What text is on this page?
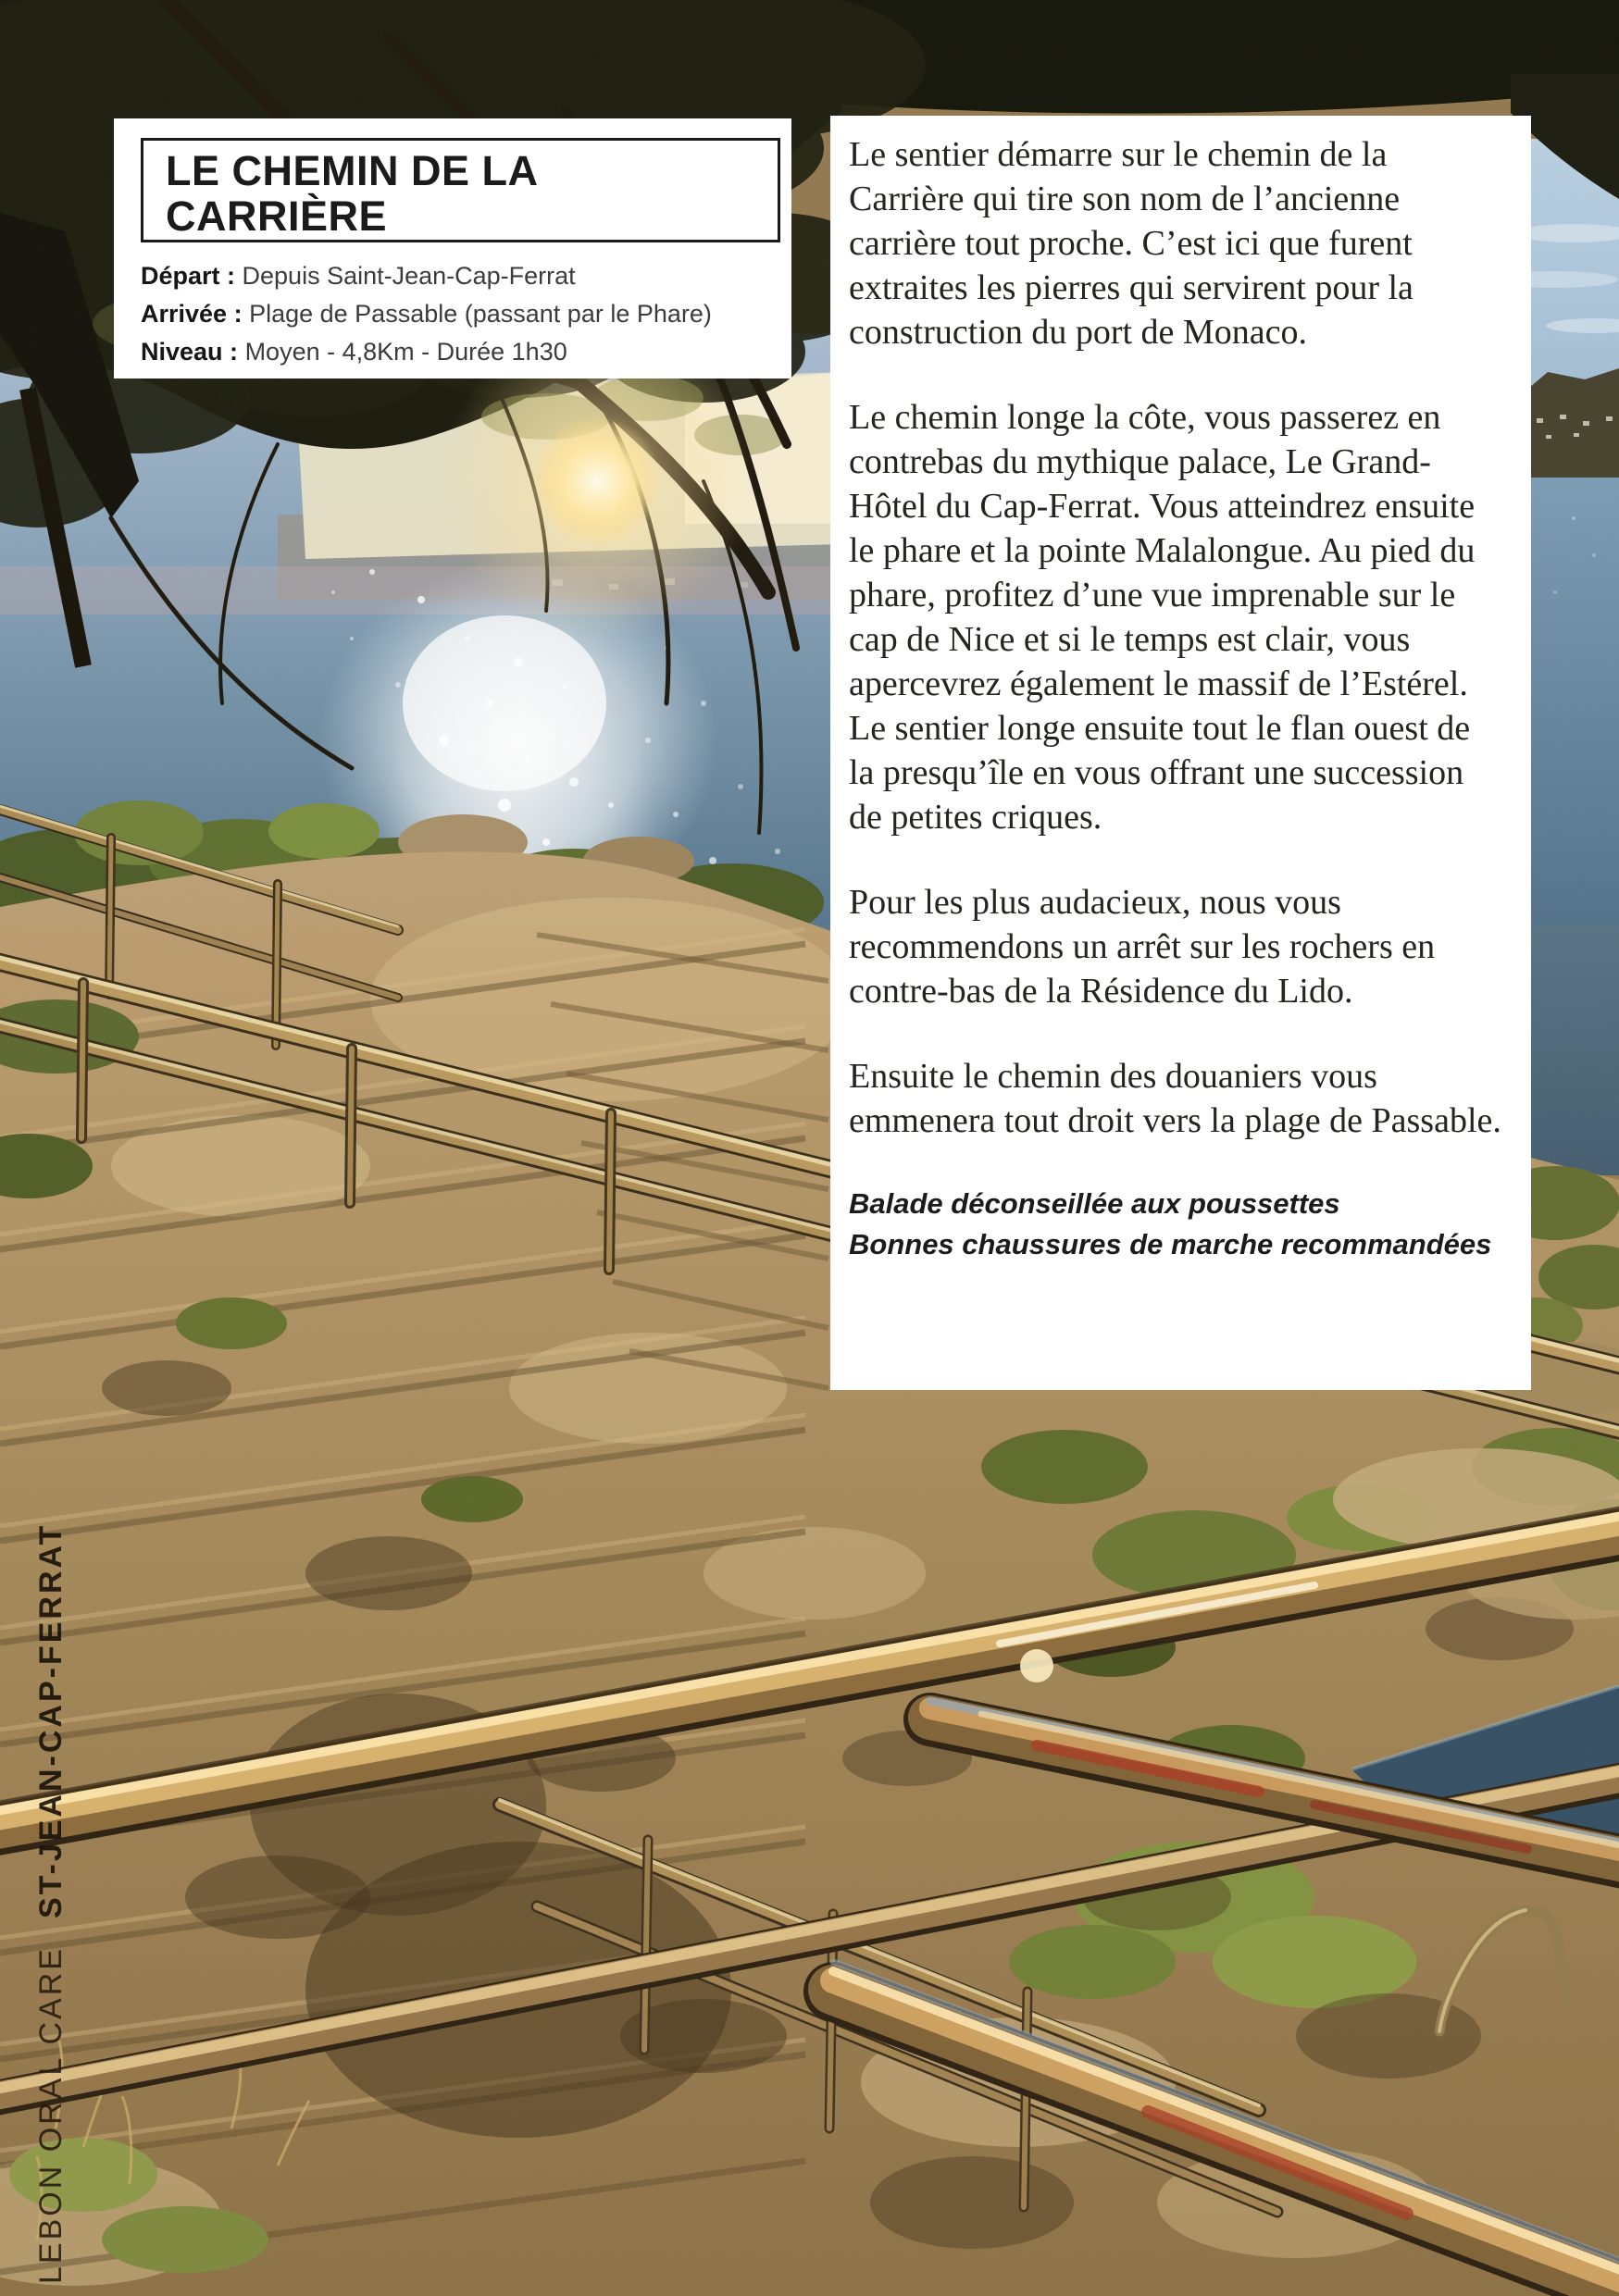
LE CHEMIN DE LA
CARRIÈRE
Départ : Depuis Saint-Jean-Cap-Ferrat
Arrivée : Plage de Passable (passant par le Phare)
Niveau : Moyen - 4,8Km - Durée 1h30

Le sentier démarre sur le chemin de la Carrière qui tire son nom de l’ancienne carrière tout proche. C’est ici que furent extraites les pierres qui servirent pour la construction du port de Monaco.

Le chemin longe la côte, vous passerez en contrebas du mythique palace, Le Grand-Hôtel du Cap-Ferrat. Vous atteindrez ensuite le phare et la pointe Malalongue. Au pied du phare, profitez d’une vue imprenable sur le cap de Nice et si le temps est clair, vous apercevrez également le massif de l’Estérel. Le sentier longe ensuite tout le flan ouest de la presqu’île en vous offrant une succession de petites criques.

Pour les plus audacieux, nous vous recommendons un arrêt sur les rochers en contre-bas de la Résidence du Lido.

Ensuite le chemin des douaniers vous emmenera tout droit vers la plage de Passable.

Balade déconseillée aux poussettes

Bonnes chaussures de marche recommandées

LEBON ORAL CAREST-JEAN-CAP-FERRAT
